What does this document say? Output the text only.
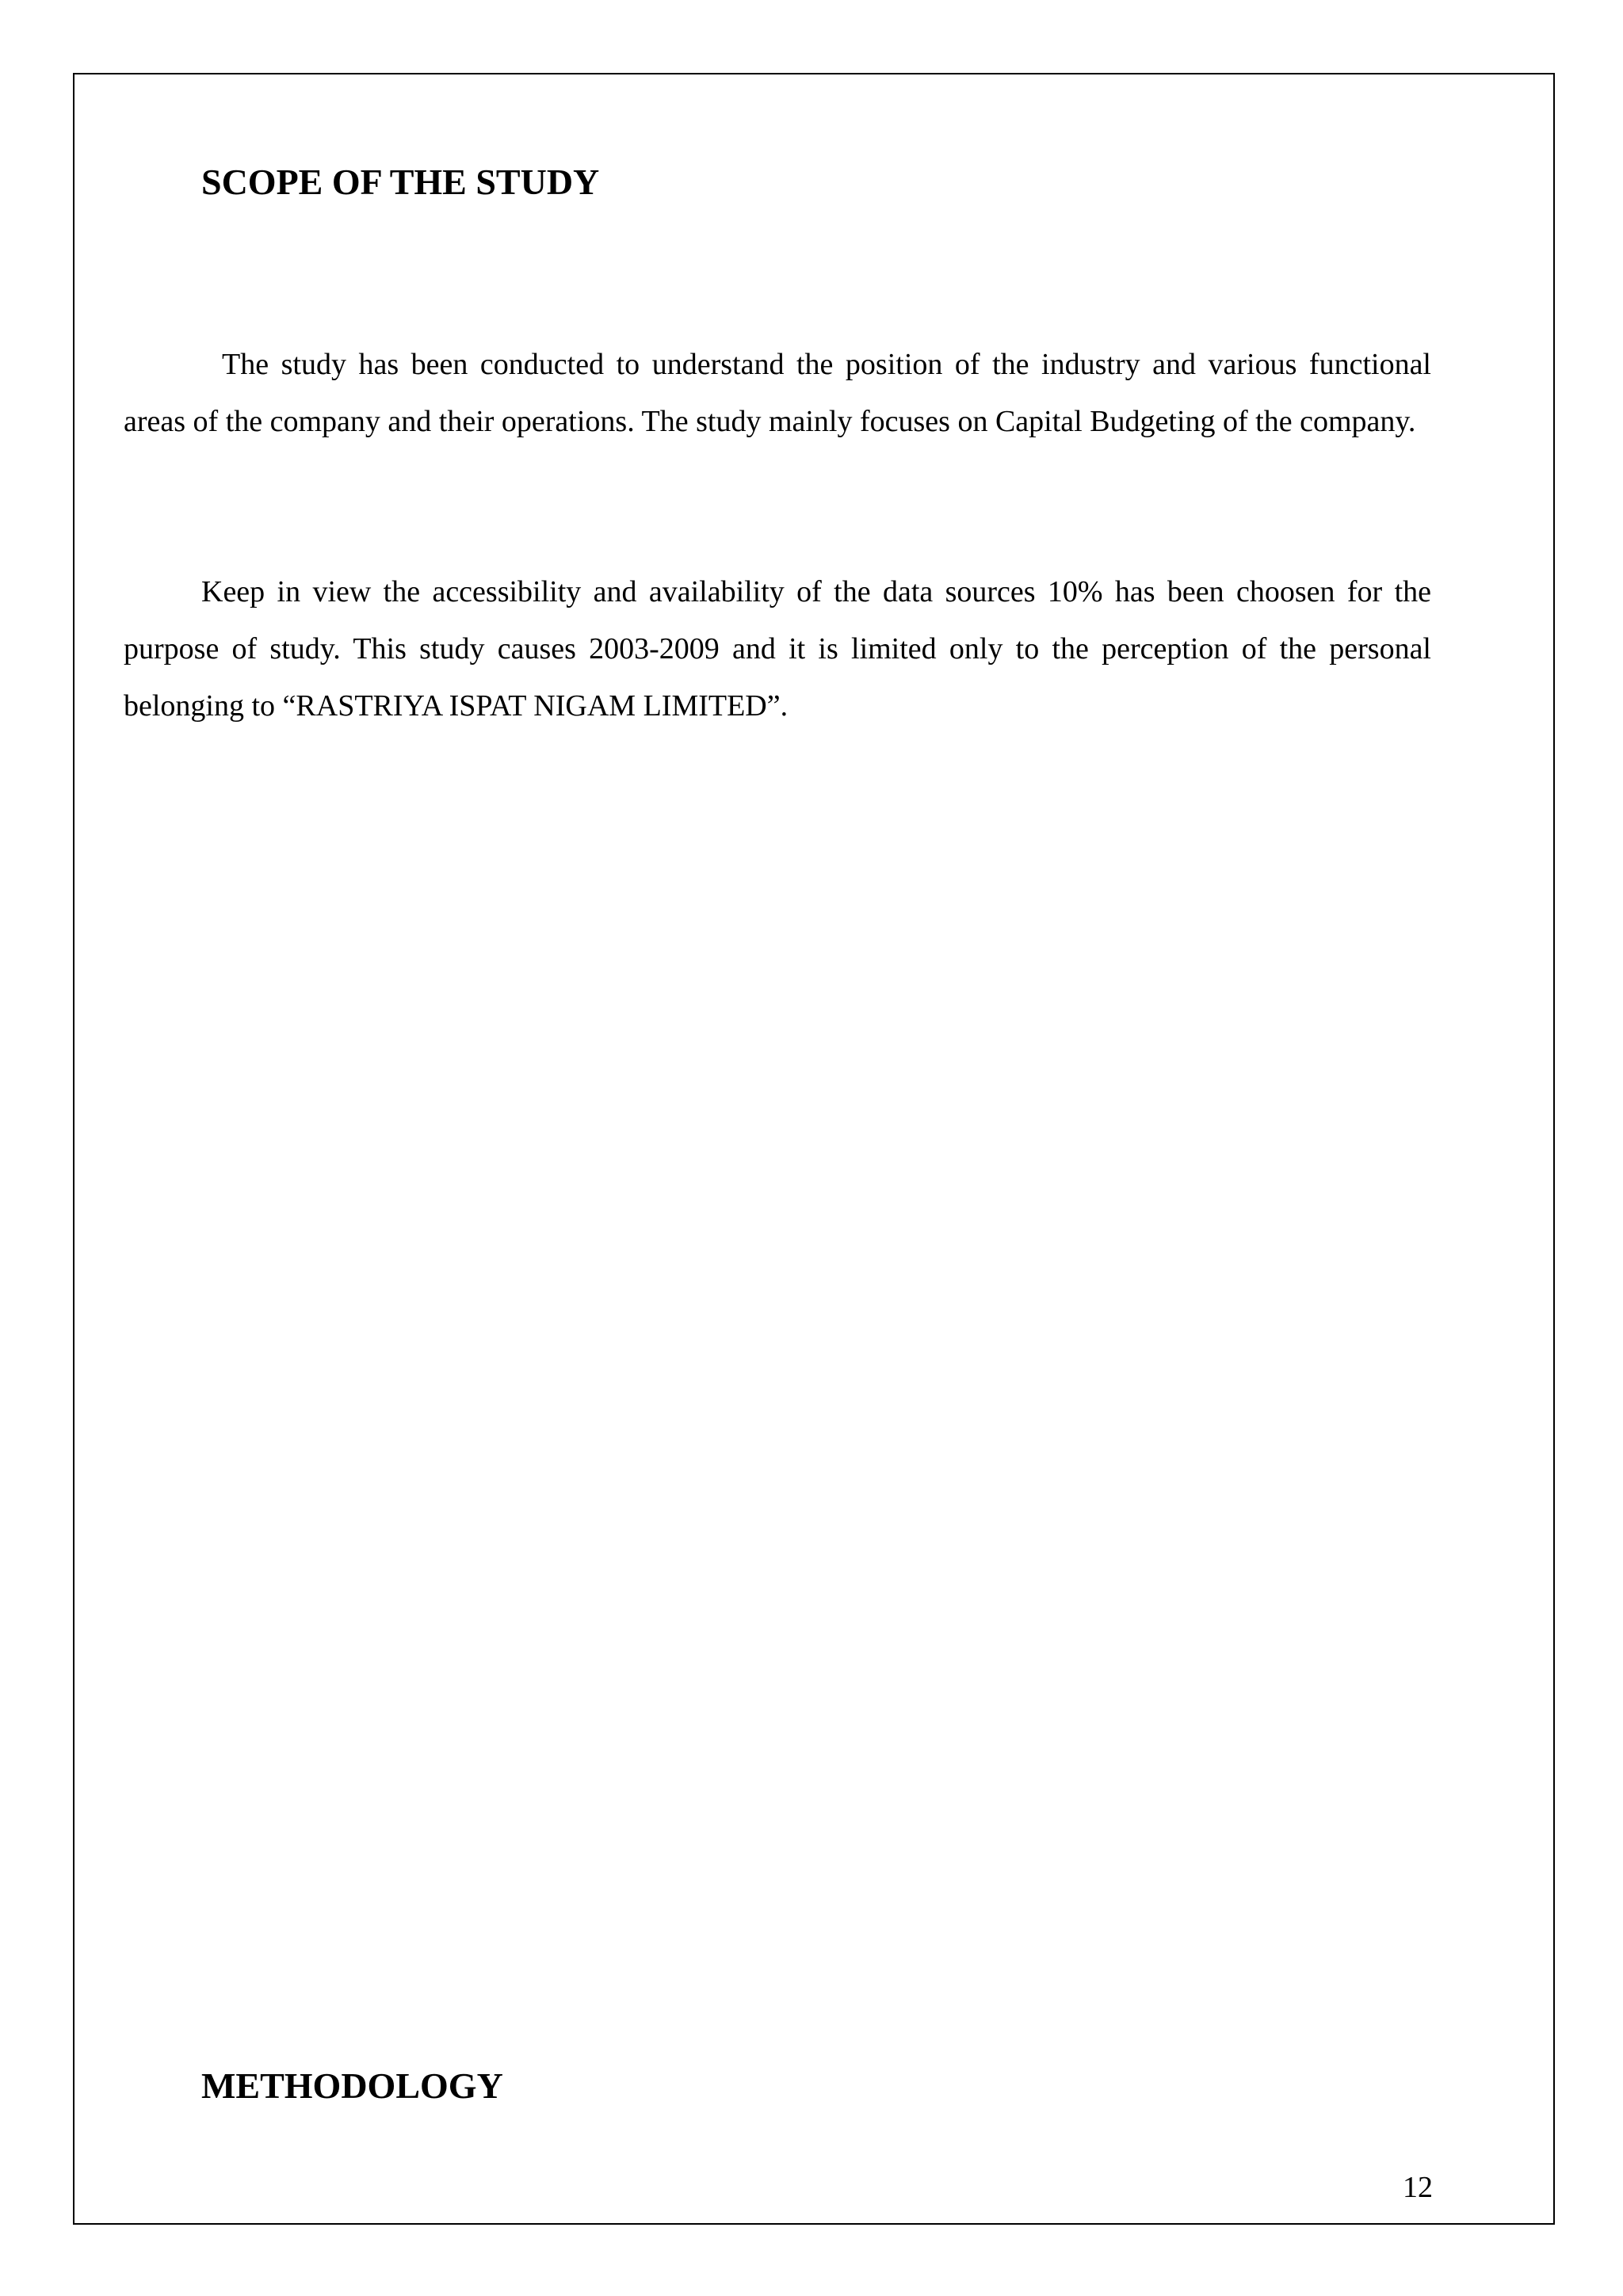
SCOPE OF THE STUDY

The study has been conducted to understand the position of the industry and various functional areas of the company and their operations. The study mainly focuses on Capital Budgeting of the company.

Keep in view the accessibility and availability of the data sources 10% has been choosen for the purpose of study. This study causes 2003-2009 and it is limited only to the perception of the personal belonging to “RASTRIYA ISPAT NIGAM LIMITED”.

METHODOLOGY
12
